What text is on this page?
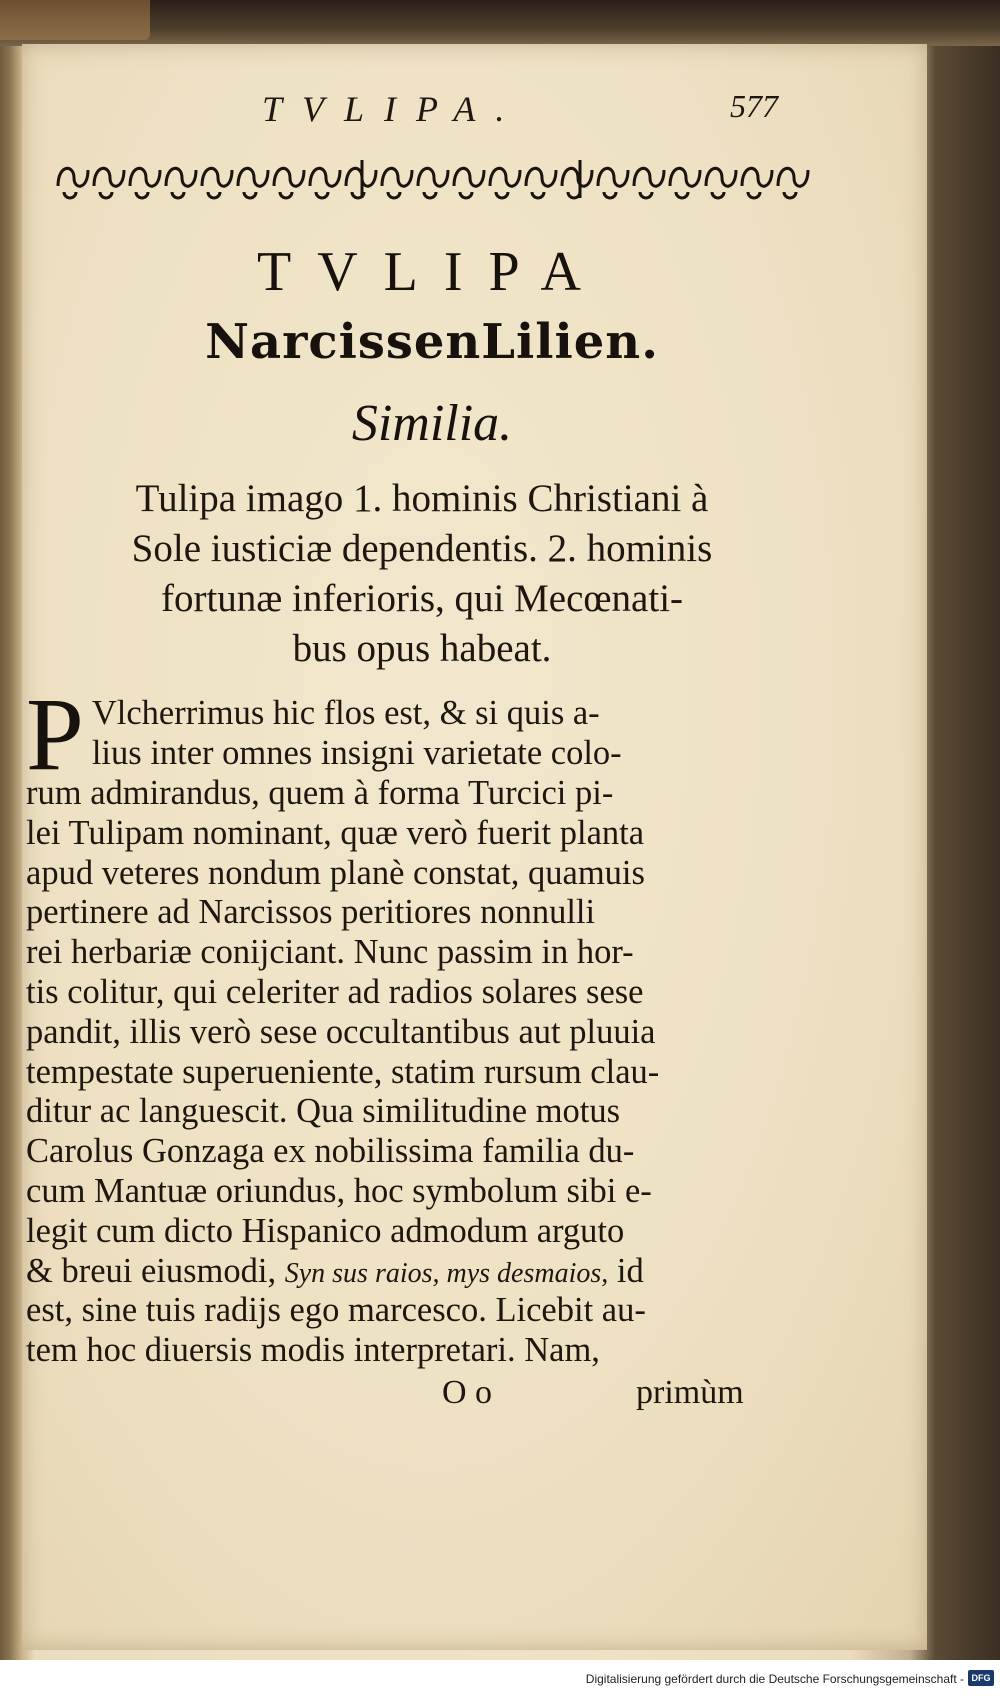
TVLIPA.	577
TVLIPA
NarcissenLilien.
Similia.
Tulipa imago 1. hominis Christiani à
Sole iusticiæ dependentis. 2. hominis
fortunæ inferioris, qui Mecœnati-
bus opus habeat.
P Vlcherrimus hic flos est, & si quis a-
lius inter omnes insigni varietate colo-
rum admirandus, quem à forma Turcici pi-
lei Tulipam nominant, quæ verò fuerit planta
apud veteres nondum planè constat, quamuis
pertinere ad Narcissos peritiores nonnulli
rei herbariæ coniјciant. Nunc passim in hor-
tis colitur, qui celeriter ad radios solares sese
pandit, illis verò sese occultantibus aut pluuia
tempestate superueniente, statim rursum clau-
ditur ac languescit. Qua similitudine motus
Carolus Gonzaga ex nobilissima familia du-
cum Mantuæ oriundus, hoc symbolum sibi e-
legit cum dicto Hispanico admodum arguto
& breui eiusmodi, Syn sus raios, mys desmaios, id
est, sine tuis radijs ego marcesco. Licebit au-
tem hoc diuersis modis interpretari. Nam,
O o	primùm
Digitalisierung gefördert durch die Deutsche Forschungsgemeinschaft - DFG
